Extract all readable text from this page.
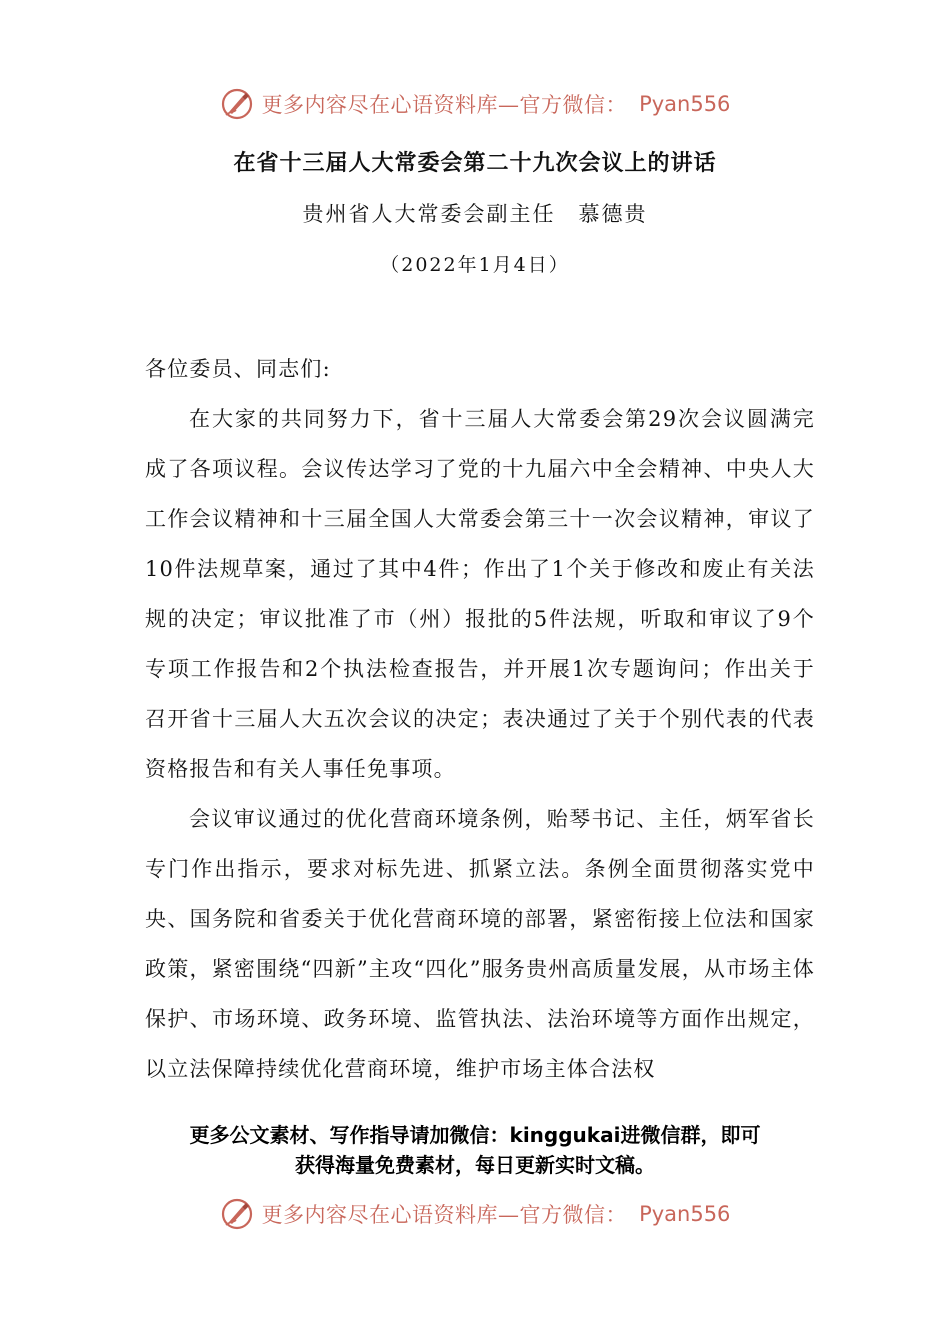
更多内容尽在心语资料库—官方微信： Pyan556
在省十三届人大常委会第二十九次会议上的讲话
贵州省人大常委会副主任　慕德贵
（2022年1月4日）

各位委员、同志们:

在大家的共同努力下，省十三届人大常委会第29次会议圆满完成了各项议程。会议传达学习了党的十九届六中全会精神、中央人大工作会议精神和十三届全国人大常委会第三十一次会议精神，审议了10件法规草案，通过了其中4件；作出了1个关于修改和废止有关法规的决定；审议批准了市（州）报批的5件法规，听取和审议了9个专项工作报告和2个执法检查报告，并开展1次专题询问；作出关于召开省十三届人大五次会议的决定；表决通过了关于个别代表的代表资格报告和有关人事任免事项。

会议审议通过的优化营商环境条例，贻琴书记、主任，炳军省长专门作出指示，要求对标先进、抓紧立法。条例全面贯彻落实党中央、国务院和省委关于优化营商环境的部署，紧密衔接上位法和国家政策，紧密围绕“四新”主攻“四化”服务贵州高质量发展，从市场主体保护、市场环境、政务环境、监管执法、法治环境等方面作出规定，以立法保障持续优化营商环境，维护市场主体合法权

更多公文素材、写作指导请加微信：kinggukai进微信群，即可
获得海量免费素材，每日更新实时文稿。
更多内容尽在心语资料库—官方微信： Pyan556
